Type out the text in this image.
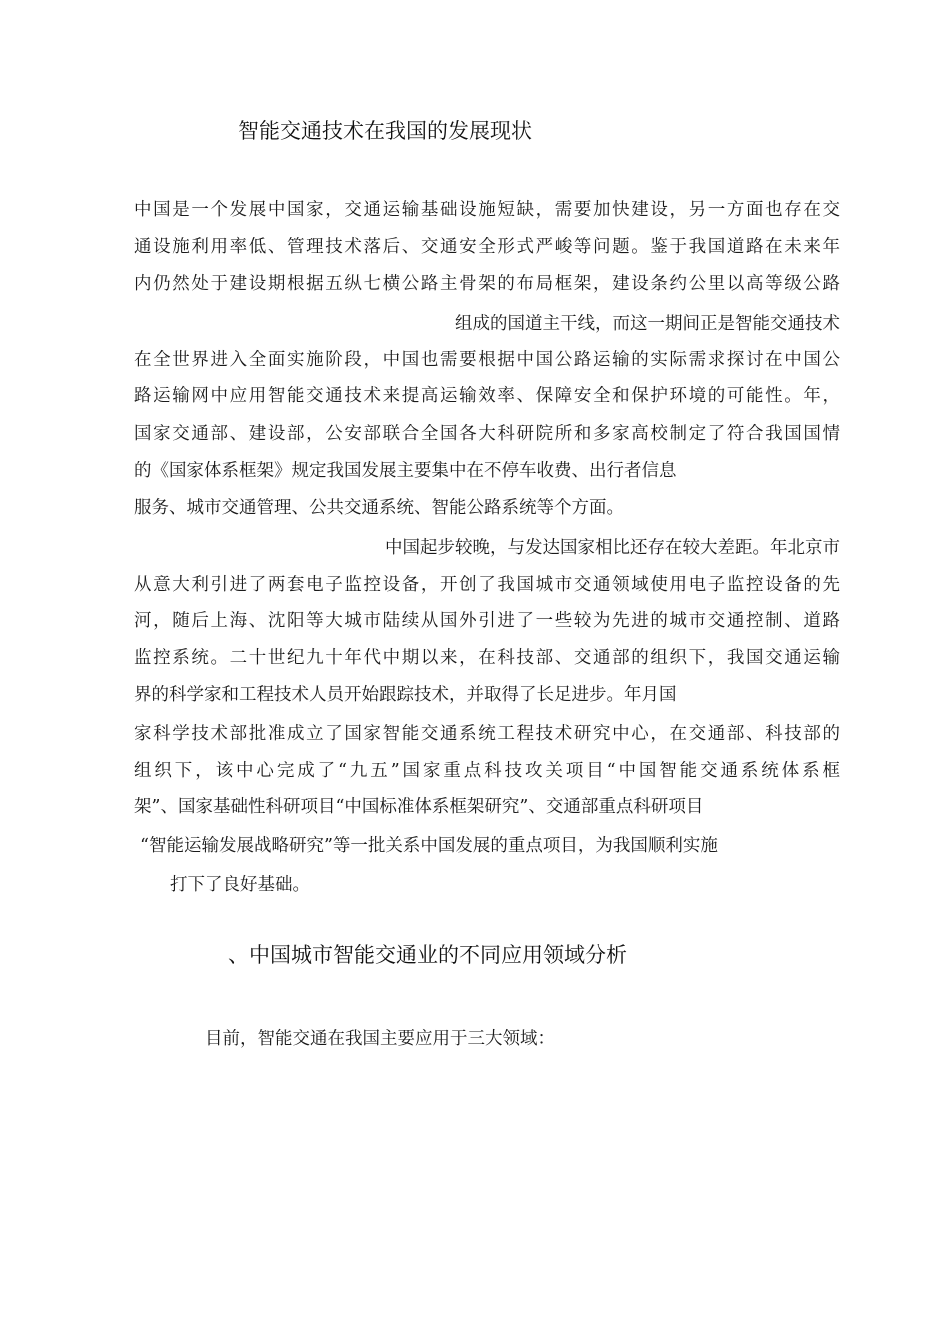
智能交通技术在我国的发展现状
中国是一个发展中国家，交通运输基础设施短缺，需要加快建设，另一方面也存在交
通设施利用率低、管理技术落后、交通安全形式严峻等问题。鉴于我国道路在未来年
内仍然处于建设期根据五纵七横公路主骨架的布局框架，建设条约公里以高等级公路
组成的国道主干线，而这一期间正是智能交通技术
在全世界进入全面实施阶段，中国也需要根据中国公路运输的实际需求探讨在中国公
路运输网中应用智能交通技术来提高运输效率、保障安全和保护环境的可能性。年，
国家交通部、建设部，公安部联合全国各大科研院所和多家高校制定了符合我国国情
的《国家体系框架》规定我国发展主要集中在不停车收费、出行者信息
服务、城市交通管理、公共交通系统、智能公路系统等个方面。
中国起步较晚，与发达国家相比还存在较大差距。年北京市
从意大利引进了两套电子监控设备，开创了我国城市交通领域使用电子监控设备的先
河，随后上海、沈阳等大城市陆续从国外引进了一些较为先进的城市交通控制、道路
监控系统。二十世纪九十年代中期以来，在科技部、交通部的组织下，我国交通运输
界的科学家和工程技术人员开始跟踪技术，并取得了长足进步。年月国
家科学技术部批准成立了国家智能交通系统工程技术研究中心，在交通部、科技部的
组织下，该中心完成了“九五”国家重点科技攻关项目“中国智能交通系统体系框
架”、国家基础性科研项目“中国标准体系框架研究”、交通部重点科研项目
“智能运输发展战略研究”等一批关系中国发展的重点项目，为我国顺利实施
打下了良好基础。
、中国城市智能交通业的不同应用领域分析
目前，智能交通在我国主要应用于三大领域：
